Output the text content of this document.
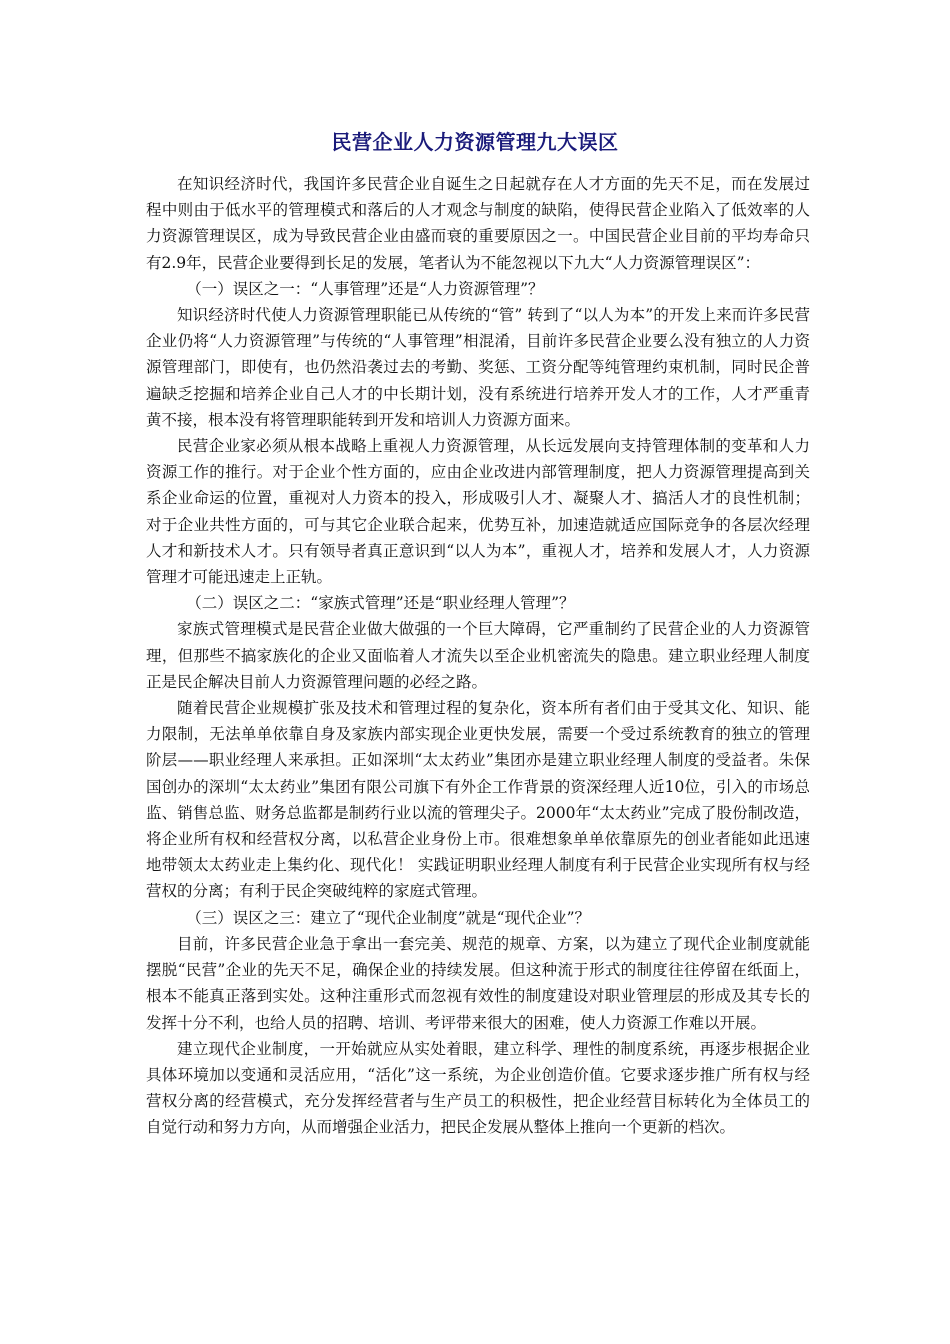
民营企业人力资源管理九大误区

在知识经济时代，我国许多民营企业自诞生之日起就存在人才方面的先天不足，而在发展过程中则由于低水平的管理模式和落后的人才观念与制度的缺陷，使得民营企业陷入了低效率的人力资源管理误区，成为导致民营企业由盛而衰的重要原因之一。中国民营企业目前的平均寿命只有2.9年，民营企业要得到长足的发展，笔者认为不能忽视以下九大“人力资源管理误区”：

（一）误区之一：“人事管理”还是“人力资源管理”？

知识经济时代使人力资源管理职能已从传统的“管” 转到了“以人为本”的开发上来而许多民营企业仍将“人力资源管理”与传统的“人事管理”相混淆，目前许多民营企业要么没有独立的人力资源管理部门，即使有，也仍然沿袭过去的考勤、奖惩、工资分配等纯管理约束机制，同时民企普遍缺乏挖掘和培养企业自己人才的中长期计划，没有系统进行培养开发人才的工作，人才严重青黄不接，根本没有将管理职能转到开发和培训人力资源方面来。

民营企业家必须从根本战略上重视人力资源管理，从长远发展向支持管理体制的变革和人力资源工作的推行。对于企业个性方面的，应由企业改进内部管理制度，把人力资源管理提高到关系企业命运的位置，重视对人力资本的投入，形成吸引人才、凝聚人才、搞活人才的良性机制；对于企业共性方面的，可与其它企业联合起来，优势互补，加速造就适应国际竞争的各层次经理人才和新技术人才。只有领导者真正意识到“以人为本”，重视人才，培养和发展人才，人力资源管理才可能迅速走上正轨。

（二）误区之二：“家族式管理”还是“职业经理人管理”？

家族式管理模式是民营企业做大做强的一个巨大障碍，它严重制约了民营企业的人力资源管理，但那些不搞家族化的企业又面临着人才流失以至企业机密流失的隐患。建立职业经理人制度正是民企解决目前人力资源管理问题的必经之路。

随着民营企业规模扩张及技术和管理过程的复杂化，资本所有者们由于受其文化、知识、能力限制，无法单单依靠自身及家族内部实现企业更快发展，需要一个受过系统教育的独立的管理阶层——职业经理人来承担。正如深圳“太太药业”集团亦是建立职业经理人制度的受益者。朱保国创办的深圳“太太药业”集团有限公司旗下有外企工作背景的资深经理人近10位，引入的市场总监、销售总监、财务总监都是制药行业以流的管理尖子。2000年“太太药业”完成了股份制改造，将企业所有权和经营权分离，以私营企业身份上市。很难想象单单依靠原先的创业者能如此迅速地带领太太药业走上集约化、现代化！ 实践证明职业经理人制度有利于民营企业实现所有权与经营权的分离；有利于民企突破纯粹的家庭式管理。

（三）误区之三：建立了“现代企业制度”就是“现代企业”？

目前，许多民营企业急于拿出一套完美、规范的规章、方案，以为建立了现代企业制度就能摆脱“民营”企业的先天不足，确保企业的持续发展。但这种流于形式的制度往往停留在纸面上，根本不能真正落到实处。这种注重形式而忽视有效性的制度建设对职业管理层的形成及其专长的发挥十分不利，也给人员的招聘、培训、考评带来很大的困难，使人力资源工作难以开展。

建立现代企业制度，一开始就应从实处着眼，建立科学、理性的制度系统，再逐步根据企业具体环境加以变通和灵活应用，“活化”这一系统，为企业创造价值。它要求逐步推广所有权与经营权分离的经营模式，充分发挥经营者与生产员工的积极性，把企业经营目标转化为全体员工的自觉行动和努力方向，从而增强企业活力，把民企发展从整体上推向一个更新的档次。
